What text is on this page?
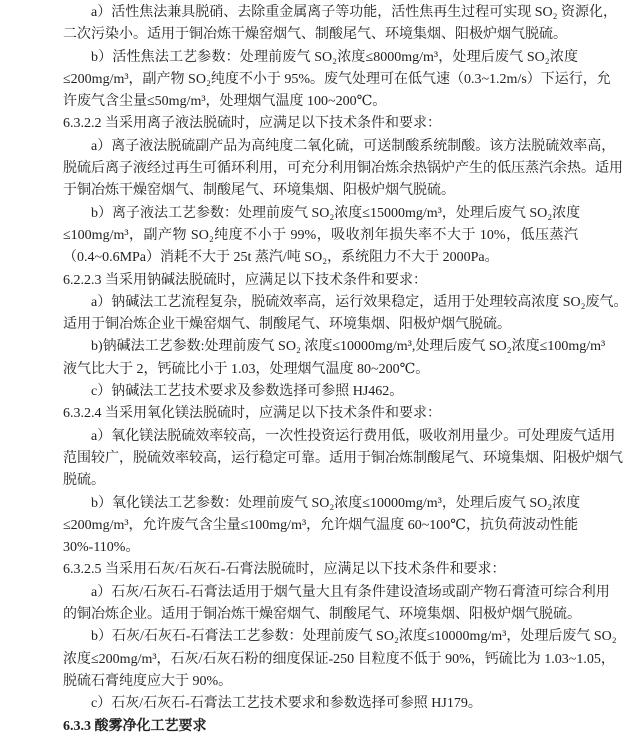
a）活性焦法兼具脱硝、去除重金属离子等功能，活性焦再生过程可实现 SO₂ 资源化，
二次污染小。适用于铜冶炼干燥窑烟气、制酸尾气、环境集烟、阳极炉烟气脱硫。
b）活性焦法工艺参数：处理前废气 SO₂浓度≤8000mg/m³，处理后废气 SO₂浓度
≤200mg/m³，副产物 SO₂纯度不小于 95%。废气处理可在低气速（0.3~1.2m/s）下运行，允
许废气含尘量≤50mg/m³，处理烟气温度 100~200℃。
6.3.2.2 当采用离子液法脱硫时，应满足以下技术条件和要求：
a）离子液法脱硫副产品为高纯度二氧化硫，可送制酸系统制酸。该方法脱硫效率高，
脱硫后离子液经过再生可循环利用，可充分利用铜冶炼余热锅炉产生的低压蒸汽余热。适用
于铜冶炼干燥窑烟气、制酸尾气、环境集烟、阳极炉烟气脱硫。
b）离子液法工艺参数：处理前废气 SO₂浓度≤15000mg/m³，处理后废气 SO₂浓度
≤100mg/m³，副产物 SO₂纯度不小于 99%，吸收剂年损失率不大于 10%，低压蒸汽
（0.4~0.6MPa）消耗不大于 25t 蒸汽/吨 SO₂，系统阻力不大于 2000Pa。
6.2.2.3 当采用钠碱法脱硫时，应满足以下技术条件和要求：
a）钠碱法工艺流程复杂，脱硫效率高，运行效果稳定，适用于处理较高浓度 SO₂废气。
适用于铜冶炼企业干燥窑烟气、制酸尾气、环境集烟、阳极炉烟气脱硫。
b)钠碱法工艺参数:处理前废气 SO₂ 浓度≤10000mg/m³,处理后废气 SO₂浓度≤100mg/m³
液气比大于 2，钙硫比小于 1.03，处理烟气温度 80~200℃。
c）钠碱法工艺技术要求及参数选择可参照 HJ462。
6.3.2.4 当采用氧化镁法脱硫时，应满足以下技术条件和要求：
a）氧化镁法脱硫效率较高，一次性投资运行费用低，吸收剂用量少。可处理废气适用
范围较广，脱硫效率较高，运行稳定可靠。适用于铜冶炼制酸尾气、环境集烟、阳极炉烟气
脱硫。
b）氧化镁法工艺参数：处理前废气 SO₂浓度≤10000mg/m³，处理后废气 SO₂浓度
≤200mg/m³，允许废气含尘量≤100mg/m³，允许烟气温度 60~100℃，抗负荷波动性能
30%-110%。
6.3.2.5 当采用石灰/石灰石-石膏法脱硫时，应满足以下技术条件和要求：
a）石灰/石灰石-石膏法适用于烟气量大且有条件建设渣场或副产物石膏渣可综合利用
的铜冶炼企业。适用于铜冶炼干燥窑烟气、制酸尾气、环境集烟、阳极炉烟气脱硫。
b）石灰/石灰石-石膏法工艺参数：处理前废气 SO₂浓度≤10000mg/m³，处理后废气 SO₂
浓度≤200mg/m³，石灰/石灰石粉的细度保证-250 目粒度不低于 90%，钙硫比为 1.03~1.05，
脱硫石膏纯度应大于 90%。
c）石灰/石灰石-石膏法工艺技术要求和参数选择可参照 HJ179。
6.3.3 酸雾净化工艺要求
